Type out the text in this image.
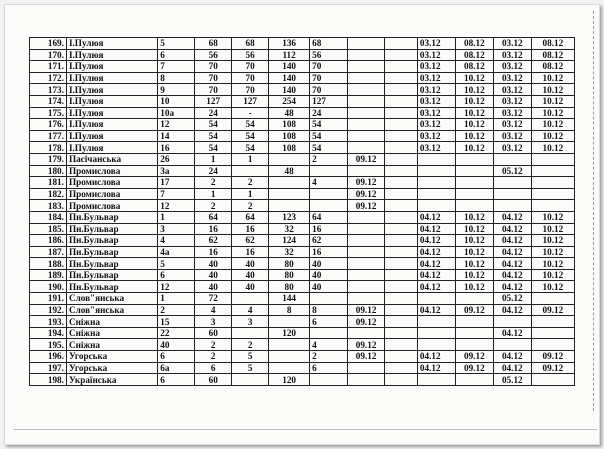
169.	І.Пулюя	5	68	68	136	68			03.12	08.12	03.12	08.12
170.	І.Пулюя	6	56	56	112	56			03.12	08.12	03.12	08.12
171.	І.Пулюя	7	70	70	140	70			03.12	08.12	03.12	08.12
172.	І.Пулюя	8	70	70	140	70			03.12	10.12	03.12	10.12
173.	І.Пулюя	9	70	70	140	70			03.12	10.12	03.12	10.12
174.	І.Пулюя	10	127	127	254	127			03.12	10.12	03.12	10.12
175.	І.Пулюя	10а	24	-	48	24			03.12	10.12	03.12	10.12
176.	І.Пулюя	12	54	54	108	54			03.12	10.12	03.12	10.12
177.	І.Пулюя	14	54	54	108	54			03.12	10.12	03.12	10.12
178.	І.Пулюя	16	54	54	108	54			03.12	10.12	03.12	10.12
179.	Пасічанська	26	1	1		2	09.12					
180.	Промислова	3а	24		48						05.12	
181.	Промислова	17	2	2		4	09.12					
182.	Промислова	7	1	1			09.12					
183.	Промислова	12	2	2			09.12					
184.	Пн.Бульвар	1	64	64	123	64			04.12	10.12	04.12	10.12
185.	Пн.Бульвар	3	16	16	32	16			04.12	10.12	04.12	10.12
186.	Пн.Бульвар	4	62	62	124	62			04.12	10.12	04.12	10.12
187.	Пн.Бульвар	4а	16	16	32	16			04.12	10.12	04.12	10.12
188.	Пн.Бульвар	5	40	40	80	40			04.12	10.12	04.12	10.12
189.	Пн.Бульвар	6	40	40	80	40			04.12	10.12	04.12	10.12
190.	Пн.Бульвар	12	40	40	80	40			04.12	10.12	04.12	10.12
191.	Слов"янська	1	72		144						05.12	
192.	Слов"янська	2	4	4	8	8	09.12		04.12	09.12	04.12	09.12
193.	Сніжна	15	3	3		6	09.12					
194.	Сніжна	22	60		120						04.12	
195.	Сніжна	40	2	2		4	09.12					
196.	Угорська	6	2	5		2	09.12		04.12	09.12	04.12	09.12
197.	Угорська	6а	6	5		6			04.12	09.12	04.12	09.12
198.	Українська	6	60		120						05.12	
